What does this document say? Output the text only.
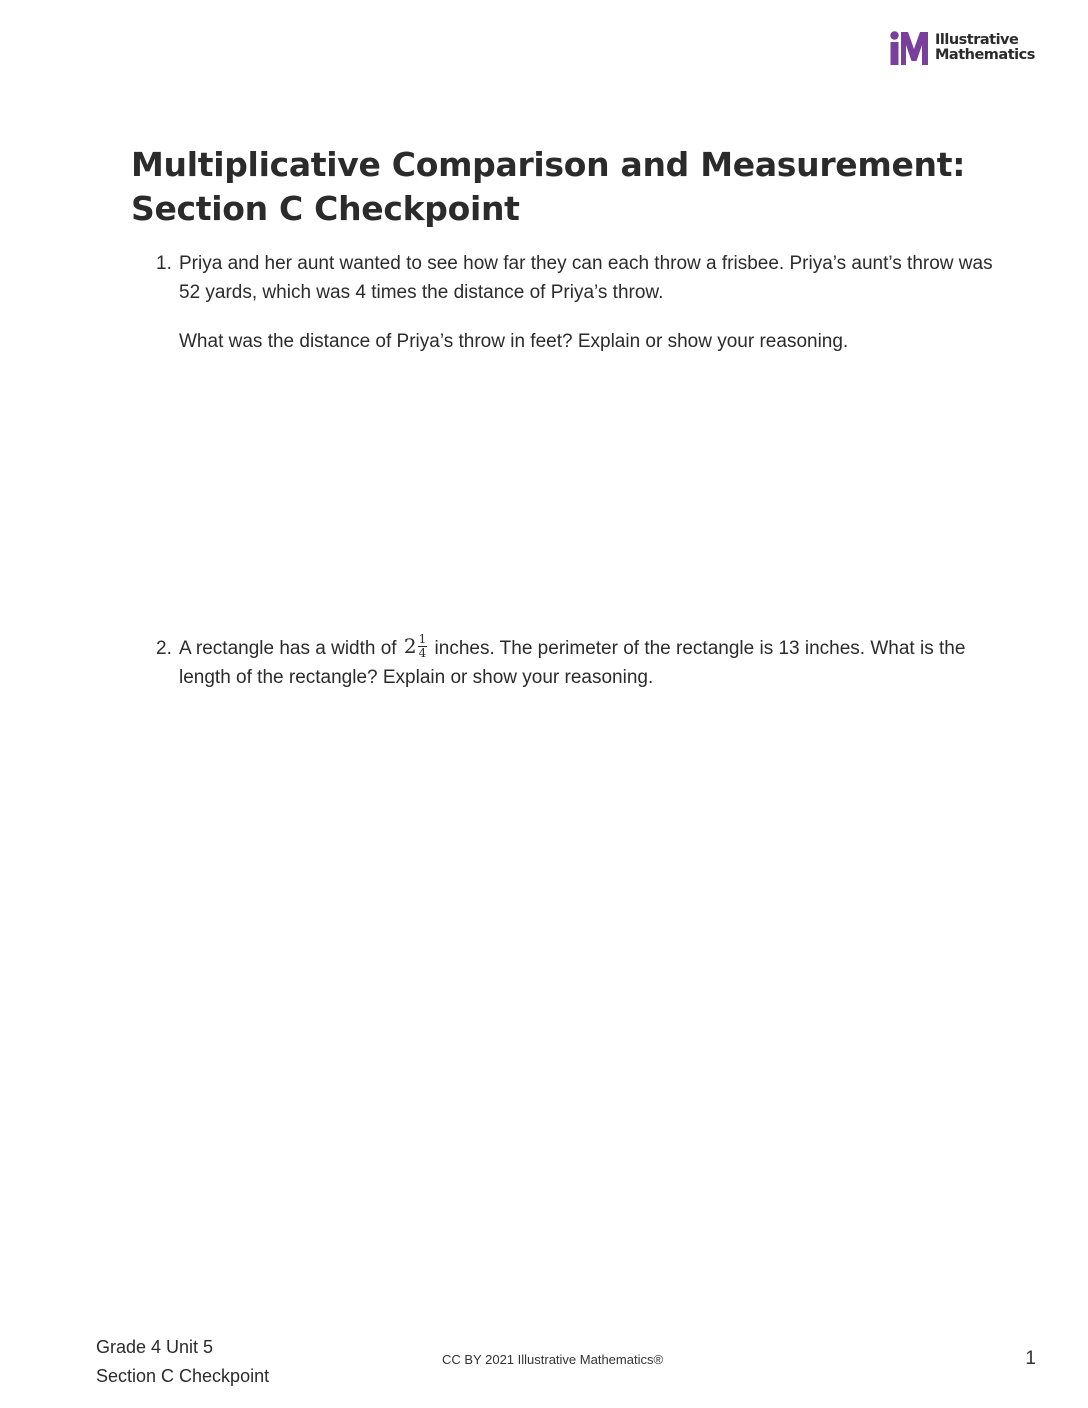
Illustrative
Mathematics
Multiplicative Comparison and Measurement:
Section C Checkpoint
1. Priya and her aunt wanted to see how far they can each throw a frisbee. Priya’s aunt’s throw was 52 yards, which was 4 times the distance of Priya’s throw.

What was the distance of Priya’s throw in feet? Explain or show your reasoning.

2. A rectangle has a width of $2 \frac{1}{4}$ inches. The perimeter of the rectangle is 13 inches. What is the length of the rectangle? Explain or show your reasoning.

Grade 4 Unit 5
Section C Checkpoint
CC BY 2021 Illustrative Mathematics®	1
